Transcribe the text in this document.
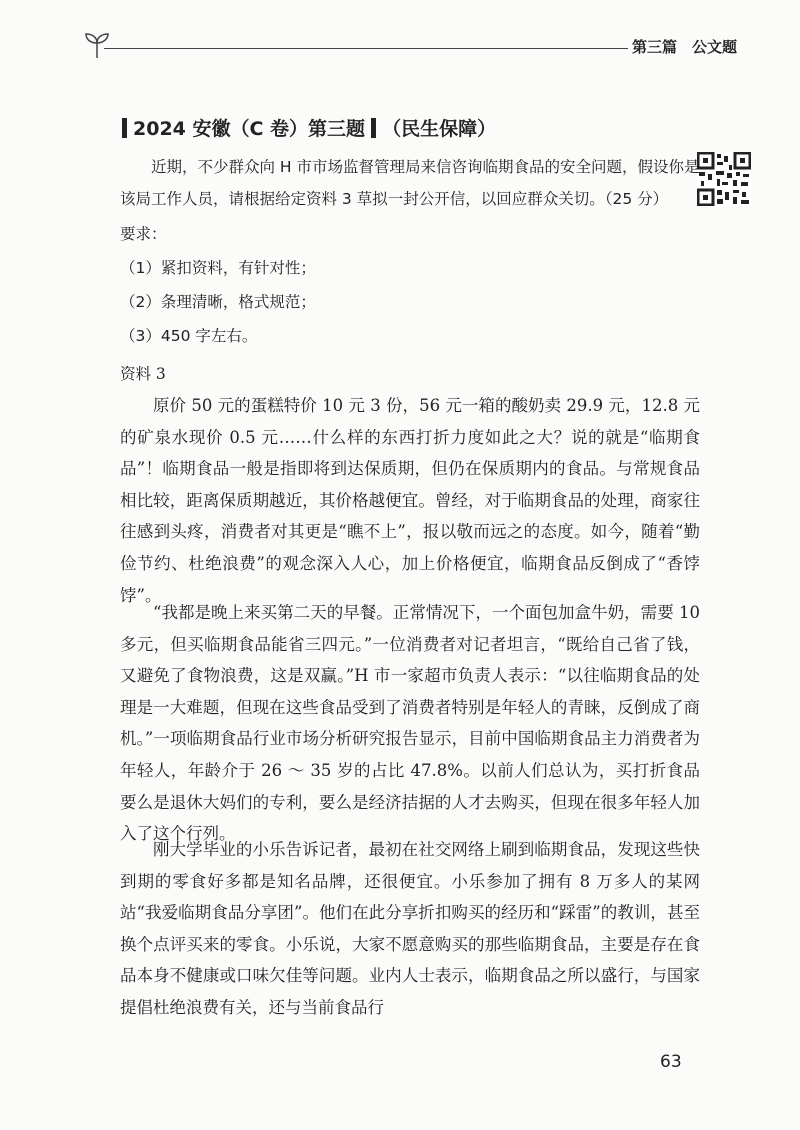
第三篇　公文题
2024 安徽（C 卷）第三题 （民生保障）

近期，不少群众向 H 市市场监督管理局来信咨询临期食品的安全问题，假设你是该局工作人员，请根据给定资料 3 草拟一封公开信，以回应群众关切。（25 分）

要求：
（1）紧扣资料，有针对性；
（2）条理清晰，格式规范；
（3）450 字左右。
资料 3

原价 50 元的蛋糕特价 10 元 3 份，56 元一箱的酸奶卖 29.9 元，12.8 元的矿泉水现价 0.5 元……什么样的东西打折力度如此之大？说的就是“临期食品”！临期食品一般是指即将到达保质期，但仍在保质期内的食品。与常规食品相比较，距离保质期越近，其价格越便宜。曾经，对于临期食品的处理，商家往往感到头疼，消费者对其更是“瞧不上”，报以敬而远之的态度。如今，随着“勤俭节约、杜绝浪费”的观念深入人心，加上价格便宜，临期食品反倒成了“香饽饽”。

“我都是晚上来买第二天的早餐。正常情况下，一个面包加盒牛奶，需要 10 多元，但买临期食品能省三四元。”一位消费者对记者坦言，“既给自己省了钱，又避免了食物浪费，这是双赢。”H 市一家超市负责人表示：“以往临期食品的处理是一大难题，但现在这些食品受到了消费者特别是年轻人的青睐，反倒成了商机。”一项临期食品行业市场分析研究报告显示，目前中国临期食品主力消费者为年轻人，年龄介于 26 ～ 35 岁的占比 47.8%。以前人们总认为，买打折食品要么是退休大妈们的专利，要么是经济拮据的人才去购买，但现在很多年轻人加入了这个行列。

刚大学毕业的小乐告诉记者，最初在社交网络上刷到临期食品，发现这些快到期的零食好多都是知名品牌，还很便宜。小乐参加了拥有 8 万多人的某网站“我爱临期食品分享团”。他们在此分享折扣购买的经历和“踩雷”的教训，甚至换个点评买来的零食。小乐说，大家不愿意购买的那些临期食品，主要是存在食品本身不健康或口味欠佳等问题。业内人士表示，临期食品之所以盛行，与国家提倡杜绝浪费有关，还与当前食品行

63
